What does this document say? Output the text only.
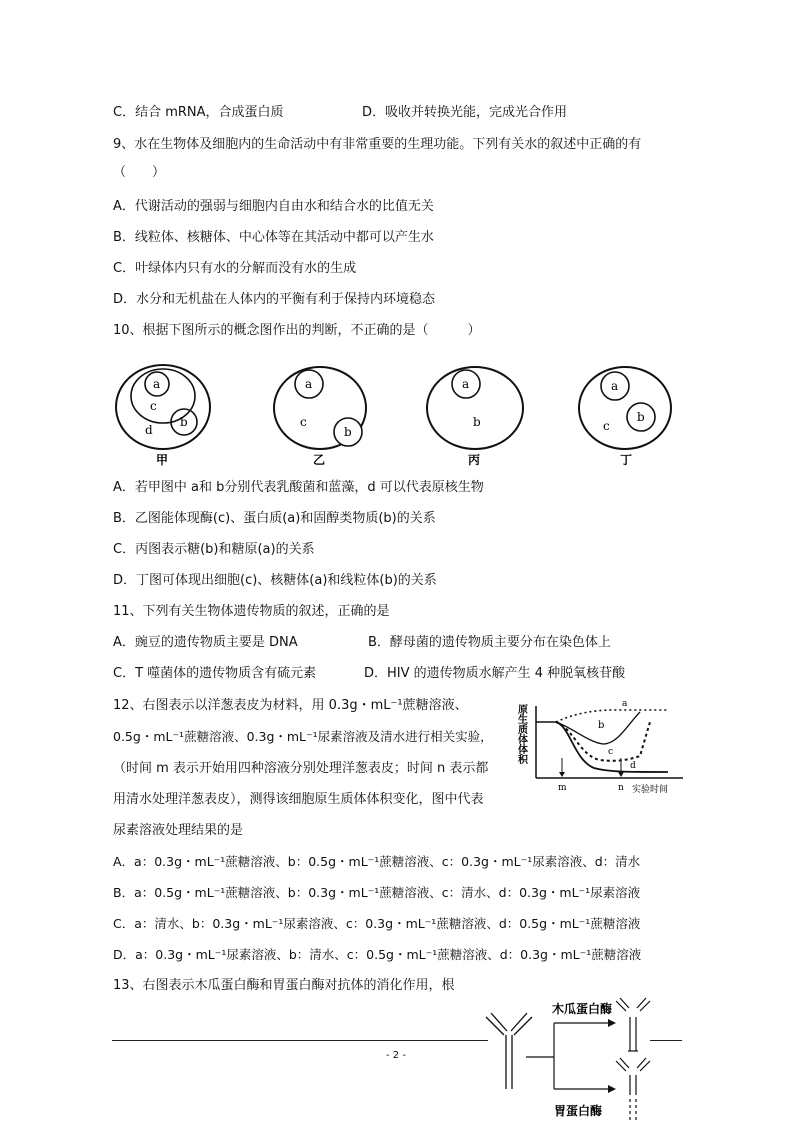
C．结合 mRNA，合成蛋白质	D．吸收并转换光能，完成光合作用
9、水在生物体及细胞内的生命活动中有非常重要的生理功能。下列有关水的叙述中正确的有
（　　）
A．代谢活动的强弱与细胞内自由水和结合水的比值无关
B．线粒体、核糖体、中心体等在其活动中都可以产生水
C．叶绿体内只有水的分解而没有水的生成
D．水分和无机盐在人体内的平衡有利于保持内环境稳态
10、根据下图所示的概念图作出的判断，不正确的是（　　　）
a
c
b
d
甲
a
c
b
乙
a
b
丙
a
c
b
丁
A．若甲图中 a和 b分别代表乳酸菌和蓝藻，d 可以代表原核生物
B．乙图能体现酶(c)、蛋白质(a)和固醇类物质(b)的关系
C．丙图表示糖(b)和糖原(a)的关系
D．丁图可体现出细胞(c)、核糖体(a)和线粒体(b)的关系
11、下列有关生物体遗传物质的叙述，正确的是
A．豌豆的遗传物质主要是 DNA	B．酵母菌的遗传物质主要分布在染色体上
C．T 噬菌体的遗传物质含有硫元素	D．HIV 的遗传物质水解产生 4 种脱氧核苷酸
12、右图表示以洋葱表皮为材料，用 0.3g・mL⁻¹蔗糖溶液、
0.5g・mL⁻¹蔗糖溶液、0.3g・mL⁻¹尿素溶液及清水进行相关实验，
（时间 m 表示开始用四种溶液分别处理洋葱表皮；时间 n 表示都
用清水处理洋葱表皮），测得该细胞原生质体体积变化，图中代表
尿素溶液处理结果的是
原生质体体积	a
b
c
d
m	n 实验时间
A．a：0.3g・mL⁻¹蔗糖溶液、b：0.5g・mL⁻¹蔗糖溶液、c：0.3g・mL⁻¹尿素溶液、d：清水
B．a：0.5g・mL⁻¹蔗糖溶液、b：0.3g・mL⁻¹蔗糖溶液、c：清水、d：0.3g・mL⁻¹尿素溶液
C．a：清水、b：0.3g・mL⁻¹尿素溶液、c：0.3g・mL⁻¹蔗糖溶液、d：0.5g・mL⁻¹蔗糖溶液
D．a：0.3g・mL⁻¹尿素溶液、b：清水、c：0.5g・mL⁻¹蔗糖溶液、d：0.3g・mL⁻¹蔗糖溶液
13、右图表示木瓜蛋白酶和胃蛋白酶对抗体的消化作用，根
- 2 -
木瓜蛋白酶
胃蛋白酶
